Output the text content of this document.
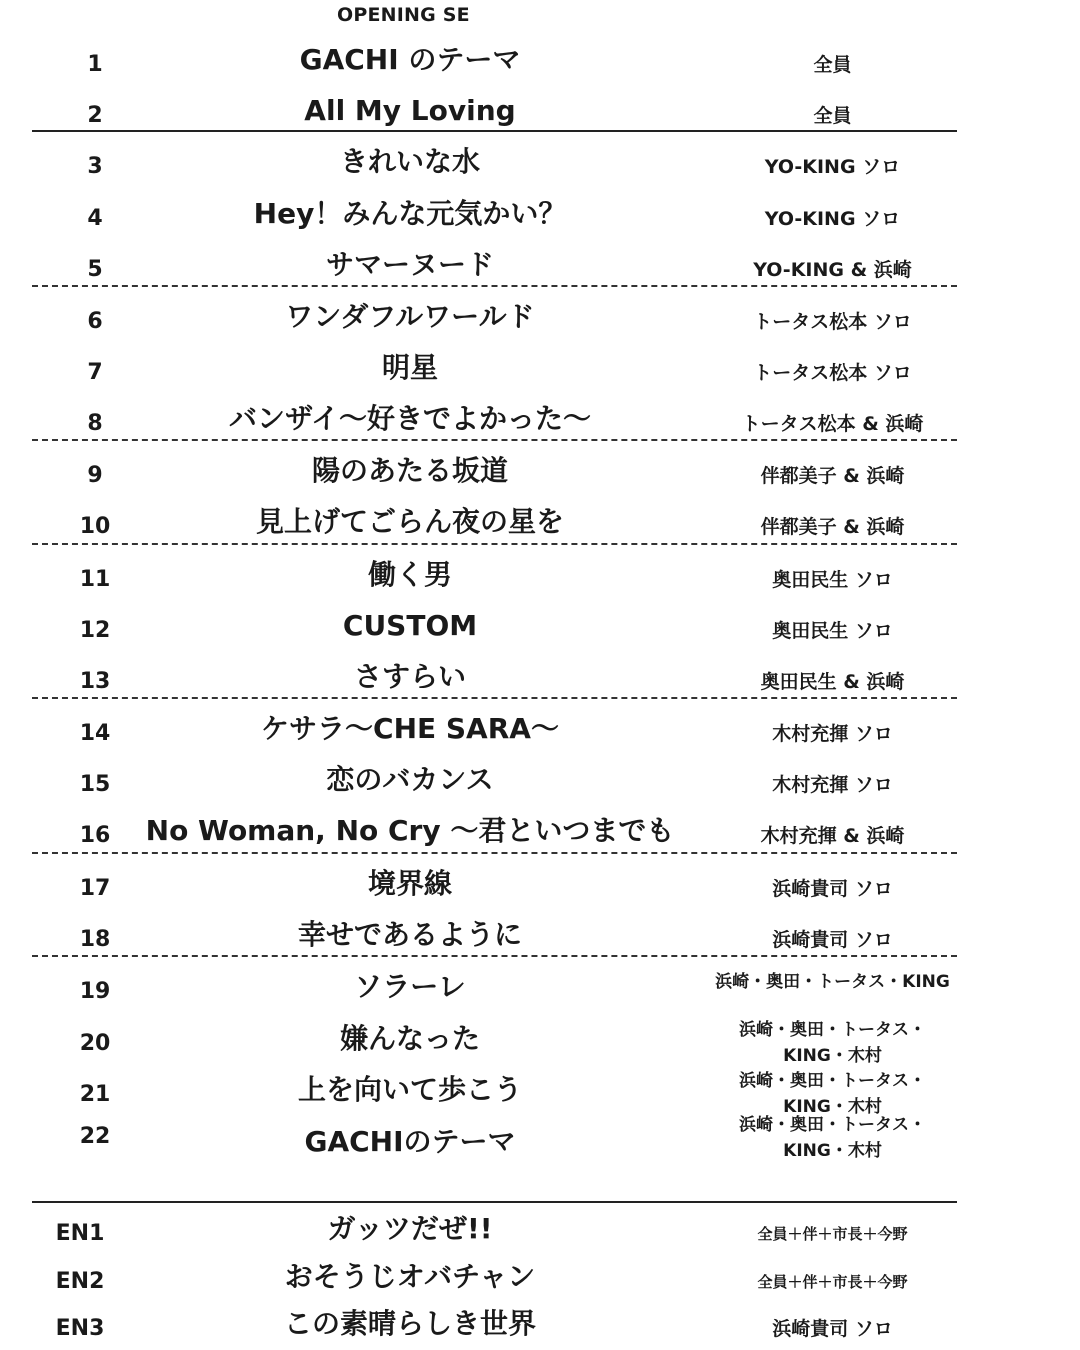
OPENING SE
1	GACHI のテーマ	全員
2	All My Loving	全員
3	きれいな水	YO-KING ソロ
4	Hey！みんな元気かい？	YO-KING ソロ
5	サマーヌード	YO-KING & 浜崎
6	ワンダフルワールド	トータス松本 ソロ
7	明星	トータス松本 ソロ
8	バンザイ〜好きでよかった〜	トータス松本 & 浜崎
9	陽のあたる坂道	伴都美子 & 浜崎
10	見上げてごらん夜の星を	伴都美子 & 浜崎
11	働く男	奥田民生 ソロ
12	CUSTOM	奥田民生 ソロ
13	さすらい	奥田民生 & 浜崎
14	ケサラ〜CHE SARA〜	木村充揮 ソロ
15	恋のバカンス	木村充揮 ソロ
16	No Woman, No Cry 〜君といつまでも	木村充揮 & 浜崎
17	境界線	浜崎貴司 ソロ
18	幸せであるように	浜崎貴司 ソロ
19	ソラーレ	浜崎・奥田・トータス・KING
20	嫌んなった	浜崎・奥田・トータス・
KING・木村
21	上を向いて歩こう	浜崎・奥田・トータス・
KING・木村
22	GACHIのテーマ	浜崎・奥田・トータス・
KING・木村
EN1	ガッツだぜ!!	全員＋伴＋市長＋今野
EN2	おそうじオバチャン	全員＋伴＋市長＋今野
EN3	この素晴らしき世界	浜崎貴司 ソロ
